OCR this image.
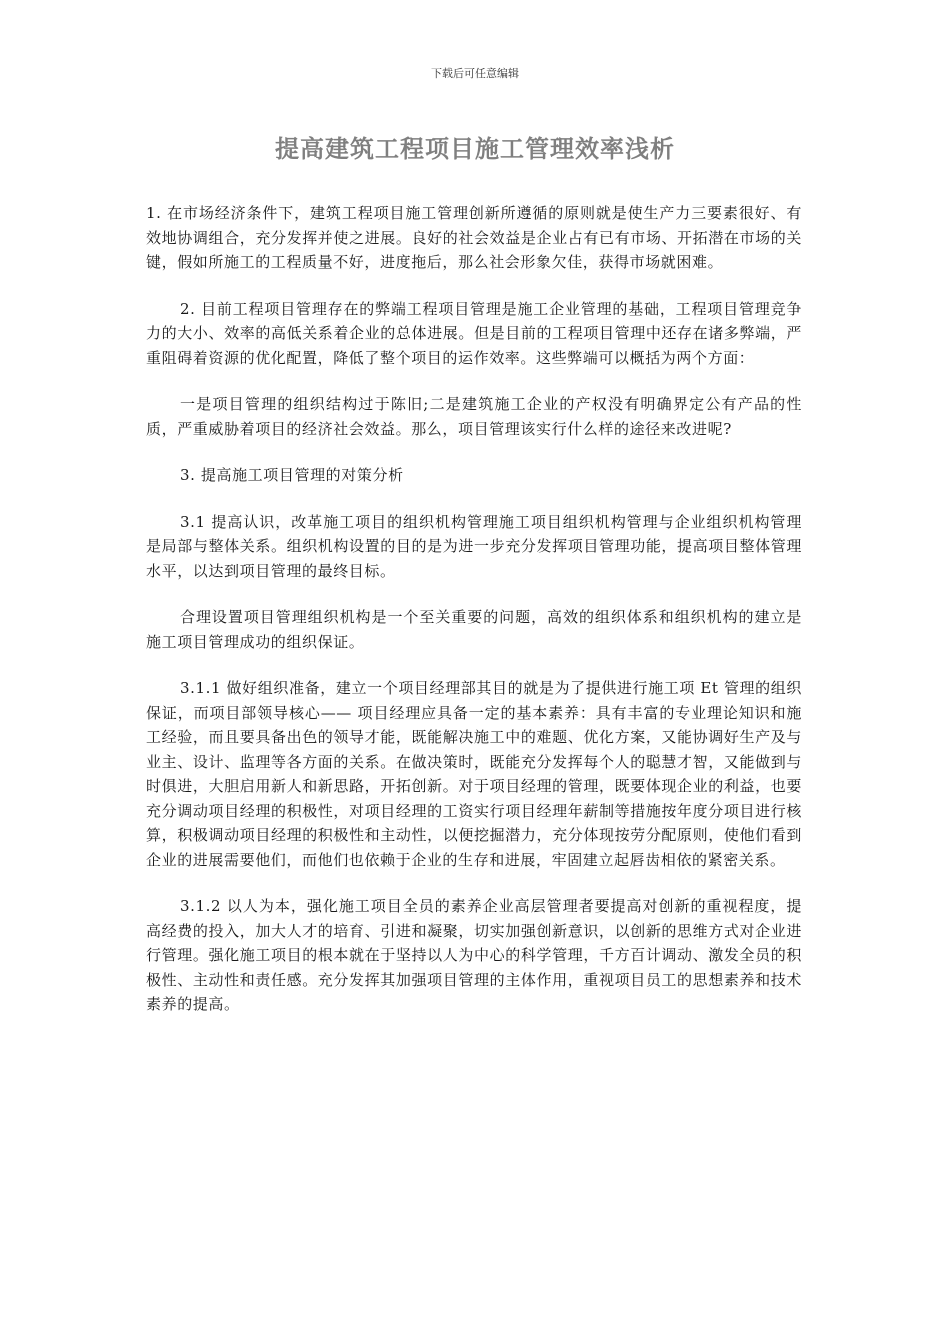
下载后可任意编辑
提高建筑工程项目施工管理效率浅析

1. 在市场经济条件下，建筑工程项目施工管理创新所遵循的原则就是使生产力三要素很好、有效地协调组合，充分发挥并使之进展。良好的社会效益是企业占有已有市场、开拓潜在市场的关键，假如所施工的工程质量不好，进度拖后，那么社会形象欠佳，获得市场就困难。

2. 目前工程项目管理存在的弊端工程项目管理是施工企业管理的基础，工程项目管理竞争力的大小、效率的高低关系着企业的总体进展。但是目前的工程项目管理中还存在诸多弊端，严重阻碍着资源的优化配置，降低了整个项目的运作效率。这些弊端可以概括为两个方面：

一是项目管理的组织结构过于陈旧;二是建筑施工企业的产权没有明确界定公有产品的性质，严重威胁着项目的经济社会效益。那么，项目管理该实行什么样的途径来改进呢?

3. 提高施工项目管理的对策分析

3.1 提高认识，改革施工项目的组织机构管理施工项目组织机构管理与企业组织机构管理是局部与整体关系。组织机构设置的目的是为进一步充分发挥项目管理功能，提高项目整体管理水平，以达到项目管理的最终目标。

合理设置项目管理组织机构是一个至关重要的问题，高效的组织体系和组织机构的建立是施工项目管理成功的组织保证。

3.1.1 做好组织准备，建立一个项目经理部其目的就是为了提供进行施工项 Et 管理的组织保证，而项目部领导核心—— 项目经理应具备一定的基本素养：具有丰富的专业理论知识和施工经验，而且要具备出色的领导才能，既能解决施工中的难题、优化方案，又能协调好生产及与业主、设计、监理等各方面的关系。在做决策时，既能充分发挥每个人的聪慧才智，又能做到与时俱进，大胆启用新人和新思路，开拓创新。对于项目经理的管理，既要体现企业的利益，也要充分调动项目经理的积极性，对项目经理的工资实行项目经理年薪制等措施按年度分项目进行核算，积极调动项目经理的积极性和主动性，以便挖掘潜力，充分体现按劳分配原则，使他们看到企业的进展需要他们，而他们也依赖于企业的生存和进展，牢固建立起唇齿相依的紧密关系。

3.1.2 以人为本，强化施工项目全员的素养企业高层管理者要提高对创新的重视程度，提高经费的投入，加大人才的培育、引进和凝聚，切实加强创新意识，以创新的思维方式对企业进行管理。强化施工项目的根本就在于坚持以人为中心的科学管理，千方百计调动、激发全员的积极性、主动性和责任感。充分发挥其加强项目管理的主体作用，重视项目员工的思想素养和技术素养的提高。
